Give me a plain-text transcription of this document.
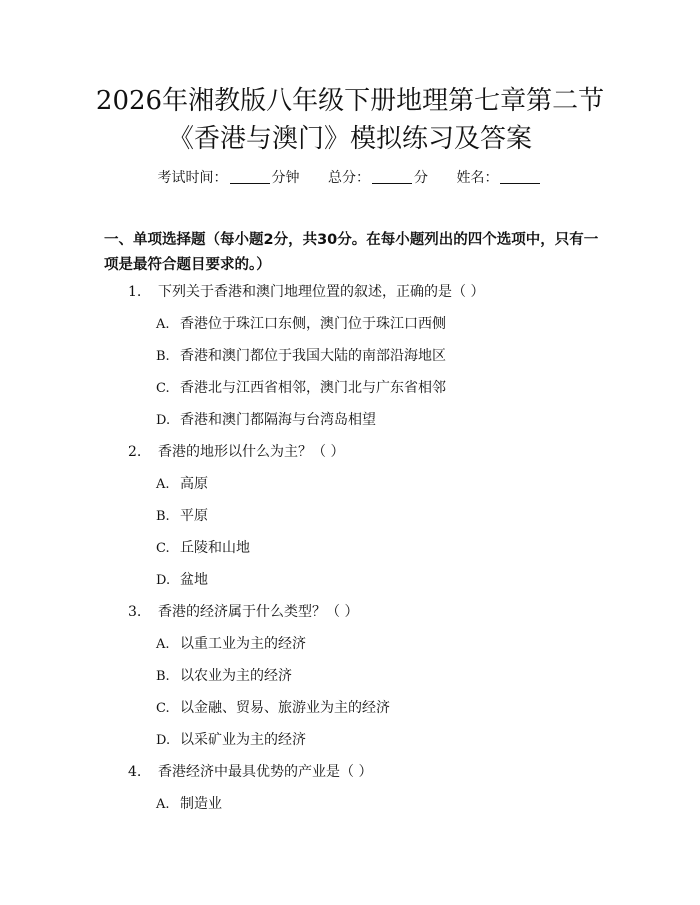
2026年湘教版八年级下册地理第七章第二节
《香港与澳门》模拟练习及答案
考试时间：	分钟 总分：	分 姓名：
一、单项选择题（每小题2分，共30分。在每小题列出的四个选项中，只有一项是最符合题目要求的。）
1. 下列关于香港和澳门地理位置的叙述，正确的是（ ）
A. 香港位于珠江口东侧，澳门位于珠江口西侧
B. 香港和澳门都位于我国大陆的南部沿海地区
C. 香港北与江西省相邻，澳门北与广东省相邻
D. 香港和澳门都隔海与台湾岛相望
2. 香港的地形以什么为主？（ ）
A. 高原
B. 平原
C. 丘陵和山地
D. 盆地
3. 香港的经济属于什么类型？（ ）
A. 以重工业为主的经济
B. 以农业为主的经济
C. 以金融、贸易、旅游业为主的经济
D. 以采矿业为主的经济
4. 香港经济中最具优势的产业是（ ）
A. 制造业
